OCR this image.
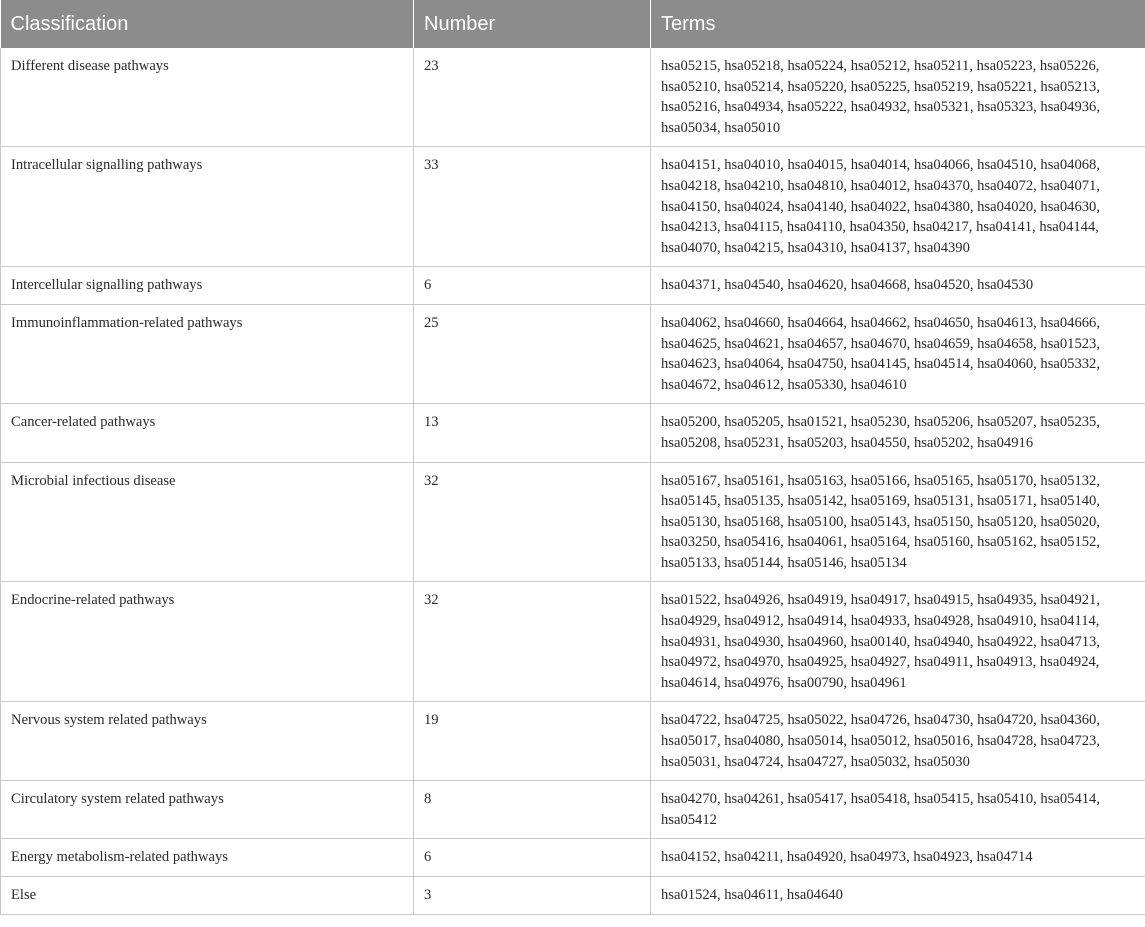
Classification	Number	Terms
Different disease pathways	23	hsa05215, hsa05218, hsa05224, hsa05212, hsa05211, hsa05223, hsa05226, hsa05210, hsa05214, hsa05220, hsa05225, hsa05219, hsa05221, hsa05213, hsa05216, hsa04934, hsa05222, hsa04932, hsa05321, hsa05323, hsa04936, hsa05034, hsa05010
Intracellular signalling pathways	33	hsa04151, hsa04010, hsa04015, hsa04014, hsa04066, hsa04510, hsa04068, hsa04218, hsa04210, hsa04810, hsa04012, hsa04370, hsa04072, hsa04071, hsa04150, hsa04024, hsa04140, hsa04022, hsa04380, hsa04020, hsa04630, hsa04213, hsa04115, hsa04110, hsa04350, hsa04217, hsa04141, hsa04144, hsa04070, hsa04215, hsa04310, hsa04137, hsa04390
Intercellular signalling pathways	6	hsa04371, hsa04540, hsa04620, hsa04668, hsa04520, hsa04530
Immunoinflammation-related pathways	25	hsa04062, hsa04660, hsa04664, hsa04662, hsa04650, hsa04613, hsa04666, hsa04625, hsa04621, hsa04657, hsa04670, hsa04659, hsa04658, hsa01523, hsa04623, hsa04064, hsa04750, hsa04145, hsa04514, hsa04060, hsa05332, hsa04672, hsa04612, hsa05330, hsa04610
Cancer-related pathways	13	hsa05200, hsa05205, hsa01521, hsa05230, hsa05206, hsa05207, hsa05235, hsa05208, hsa05231, hsa05203, hsa04550, hsa05202, hsa04916
Microbial infectious disease	32	hsa05167, hsa05161, hsa05163, hsa05166, hsa05165, hsa05170, hsa05132, hsa05145, hsa05135, hsa05142, hsa05169, hsa05131, hsa05171, hsa05140, hsa05130, hsa05168, hsa05100, hsa05143, hsa05150, hsa05120, hsa05020, hsa03250, hsa05416, hsa04061, hsa05164, hsa05160, hsa05162, hsa05152, hsa05133, hsa05144, hsa05146, hsa05134
Endocrine-related pathways	32	hsa01522, hsa04926, hsa04919, hsa04917, hsa04915, hsa04935, hsa04921, hsa04929, hsa04912, hsa04914, hsa04933, hsa04928, hsa04910, hsa04114, hsa04931, hsa04930, hsa04960, hsa00140, hsa04940, hsa04922, hsa04713, hsa04972, hsa04970, hsa04925, hsa04927, hsa04911, hsa04913, hsa04924, hsa04614, hsa04976, hsa00790, hsa04961
Nervous system related pathways	19	hsa04722, hsa04725, hsa05022, hsa04726, hsa04730, hsa04720, hsa04360, hsa05017, hsa04080, hsa05014, hsa05012, hsa05016, hsa04728, hsa04723, hsa05031, hsa04724, hsa04727, hsa05032, hsa05030
Circulatory system related pathways	8	hsa04270, hsa04261, hsa05417, hsa05418, hsa05415, hsa05410, hsa05414, hsa05412
Energy metabolism-related pathways	6	hsa04152, hsa04211, hsa04920, hsa04973, hsa04923, hsa04714
Else	3	hsa01524, hsa04611, hsa04640
